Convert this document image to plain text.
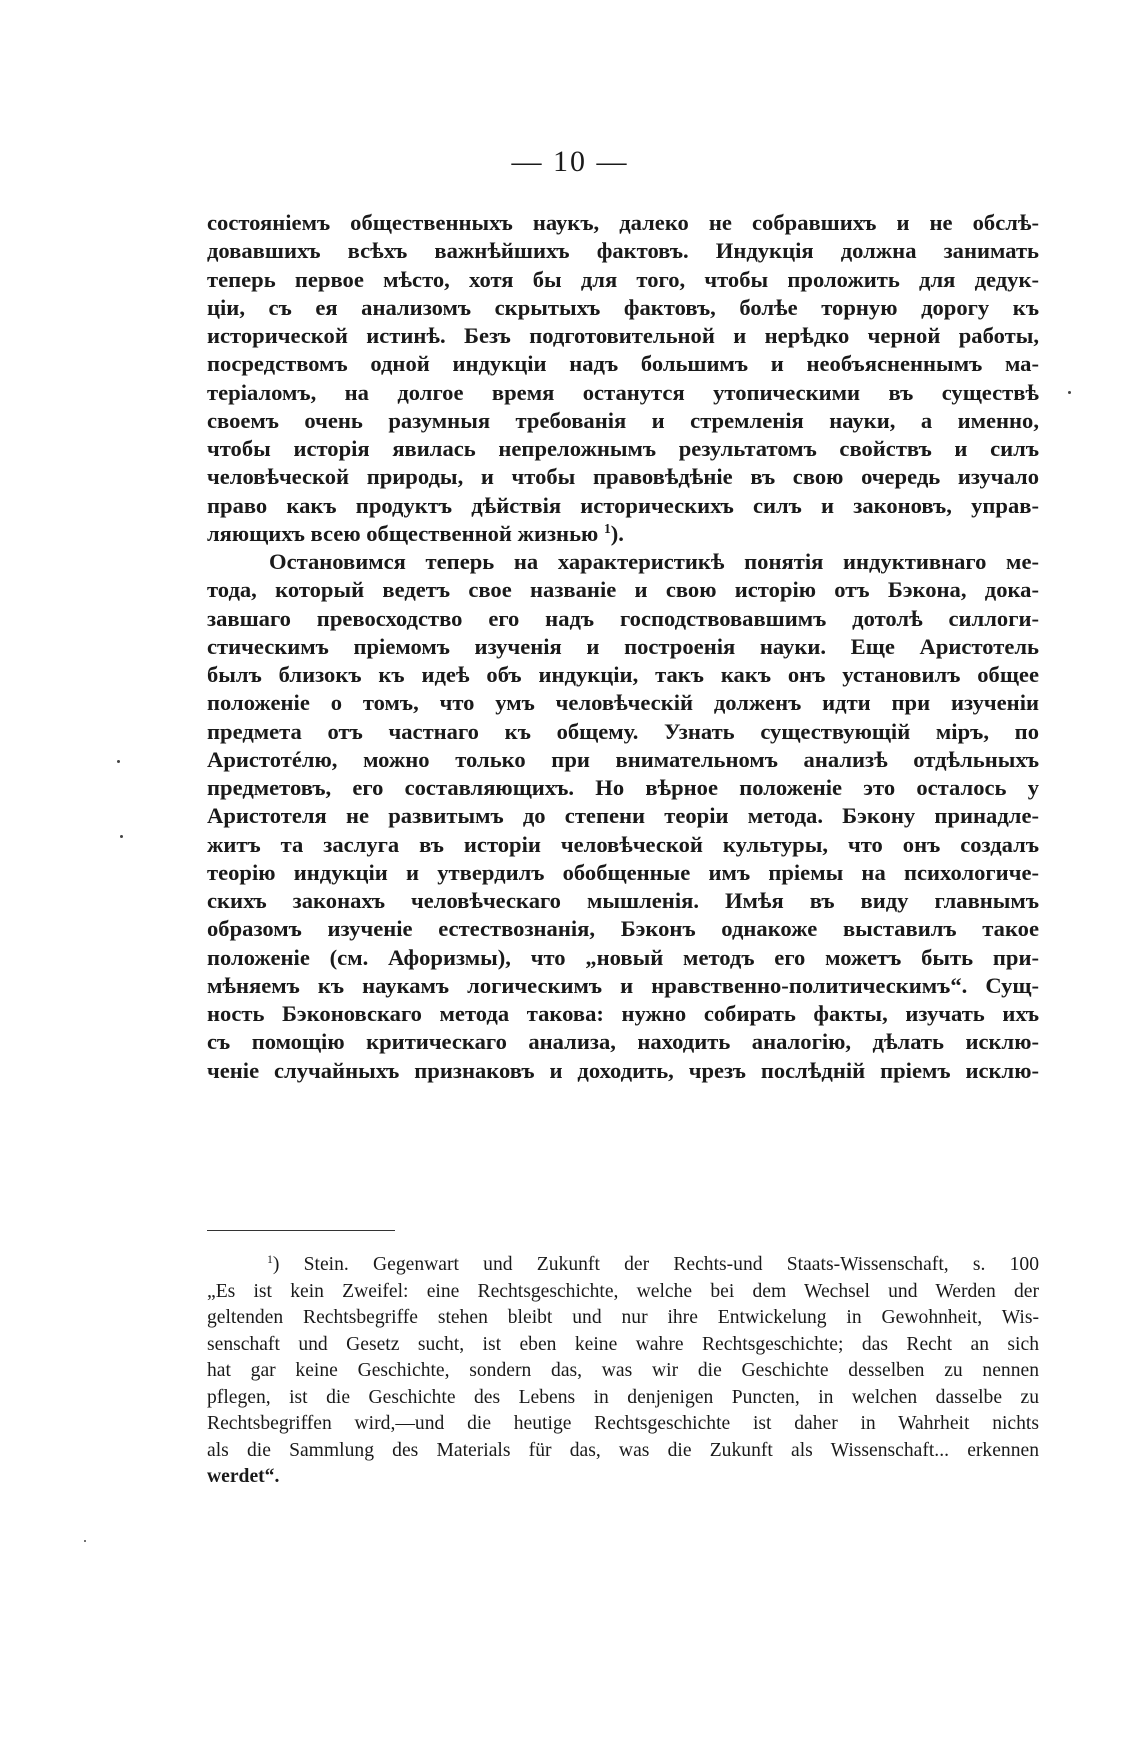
— 10 —
состояніемъ общественныхъ наукъ, далеко не собравшихъ и не обслѣ-
довавшихъ всѣхъ важнѣйшихъ фактовъ. Индукція должна занимать
теперь первое мѣсто, хотя бы для того, чтобы проложить для дедук-
ціи, съ ея анализомъ скрытыхъ фактовъ, болѣе торную дорогу къ
исторической истинѣ. Безъ подготовительной и нерѣдко черной работы,
посредствомъ одной индукціи надъ большимъ и необъясненнымъ ма-
теріаломъ, на долгое время останутся утопическими въ существѣ
своемъ очень разумныя требованія и стремленія науки, а именно,
чтобы исторія явилась непреложнымъ результатомъ свойствъ и силъ
человѣческой природы, и чтобы правовѣдѣніе въ свою очередь изучало
право какъ продуктъ дѣйствія историческихъ силъ и законовъ, управ-
ляющихъ всею общественной жизнью $^1$).
Остановимся теперь на характеристикѣ понятія индуктивнаго ме-
тода, который ведетъ свое названіе и свою исторію отъ Бэкона, дока-
завшаго превосходство его надъ господствовавшимъ дотолѣ силлоги-
стическимъ пріемомъ изученія и построенія науки. Еще Аристотель
былъ близокъ къ идеѣ объ индукціи, такъ какъ онъ установилъ общее
положеніе о томъ, что умъ человѣческій долженъ идти при изученіи
предмета отъ частнаго къ общему. Узнать существующій міръ, по
Аристотéлю, можно только при внимательномъ анализѣ отдѣльныхъ
предметовъ, его составляющихъ. Но вѣрное положеніе это осталось у
Аристотеля не развитымъ до степени теоріи метода. Бэкону принадле-
житъ та заслуга въ исторіи человѣческой культуры, что онъ создалъ
теорію индукціи и утвердилъ обобщенные имъ пріемы на психологичe-
скихъ законахъ человѣческаго мышленія. Имѣя въ виду главнымъ
образомъ изученіе естествознанія, Бэконъ однакоже выставилъ такое
положеніе (см. Афоризмы), что „новый методъ его можетъ быть при-
мѣняемъ къ наукамъ логическимъ и нравственно-политическимъ“. Сущ-
ность Бэконовскаго метода такова: нужно собирать факты, изучать ихъ
съ помощію критическаго анализа, находить аналогію, дѣлать исклю-
ченіе случайныхъ признаковъ и доходить, чрезъ послѣдній пріемъ исклю-
$^1$) Stein. Gegenwart und Zukunft der Rechts-und Staats-Wissenschaft, s. 100
„Es ist kein Zweifel: eine Rechtsgeschichte, welche bei dem Wechsel und Werden der
geltenden Rechtsbegriffe stehen bleibt und nur ihre Entwickelung in Gewohnheit, Wis-
senschaft und Gesetz sucht, ist eben keine wahre Rechtsgeschichte; das Recht an sich
hat gar keine Geschichte, sondern das, was wir die Geschichte desselben zu nennen
pflegen, ist die Geschichte des Lebens in denjenigen Puncten, in welchen dasselbe zu
Rechtsbegriffen wird,—und die heutige Rechtsgeschichte ist daher in Wahrheit nichts
als die Sammlung des Materials für das, was die Zukunft als Wissenschaft... erkennen
werdet“.
